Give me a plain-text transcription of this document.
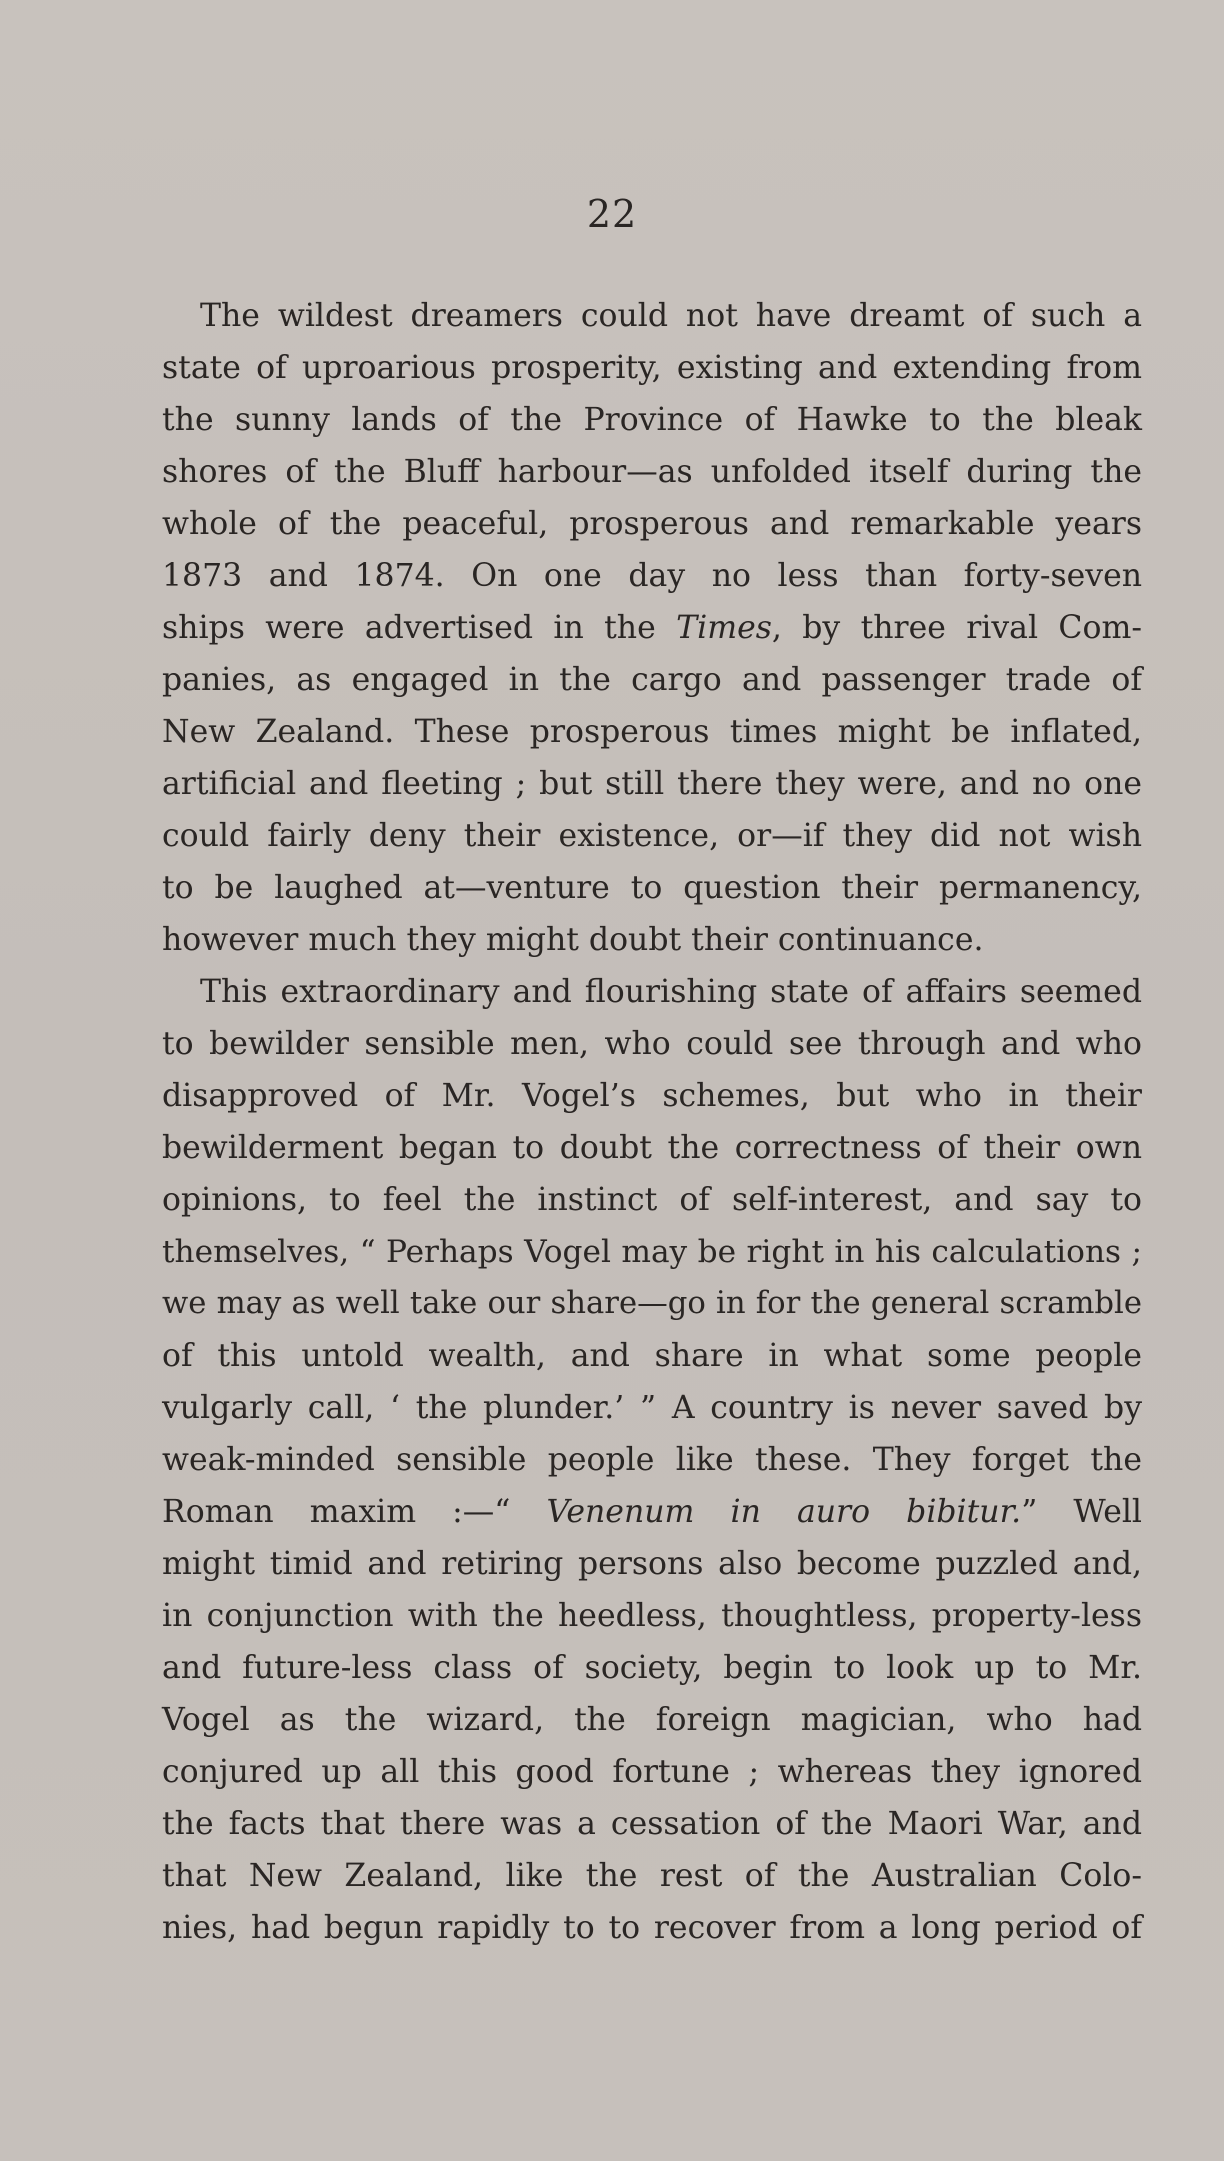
22
The wildest dreamers could not have dreamt of such a
state of uproarious prosperity, existing and extending from
the sunny lands of the Province of Hawke to the bleak
shores of the Bluff harbour—as unfolded itself during the
whole of the peaceful, prosperous and remarkable years
1873 and 1874. On one day no less than forty-seven
ships were advertised in the Times, by three rival Com-
panies, as engaged in the cargo and passenger trade of
New Zealand. These prosperous times might be inflated,
artificial and fleeting ; but still there they were, and no one
could fairly deny their existence, or—if they did not wish
to be laughed at—venture to question their permanency,
however much they might doubt their continuance.
This extraordinary and flourishing state of affairs seemed
to bewilder sensible men, who could see through and who
disapproved of Mr. Vogel’s schemes, but who in their
bewilderment began to doubt the correctness of their own
opinions, to feel the instinct of self-interest, and say to
themselves, “ Perhaps Vogel may be right in his calculations ;
we may as well take our share—go in for the general scramble
of this untold wealth, and share in what some people
vulgarly call, ‘ the plunder.’ ” A country is never saved by
weak-minded sensible people like these. They forget the
Roman maxim :—“ Venenum in auro bibitur.” Well
might timid and retiring persons also become puzzled and,
in conjunction with the heedless, thoughtless, property-less
and future-less class of society, begin to look up to Mr.
Vogel as the wizard, the foreign magician, who had
conjured up all this good fortune ; whereas they ignored
the facts that there was a cessation of the Maori War, and
that New Zealand, like the rest of the Australian Colo-
nies, had begun rapidly to to recover from a long period of
